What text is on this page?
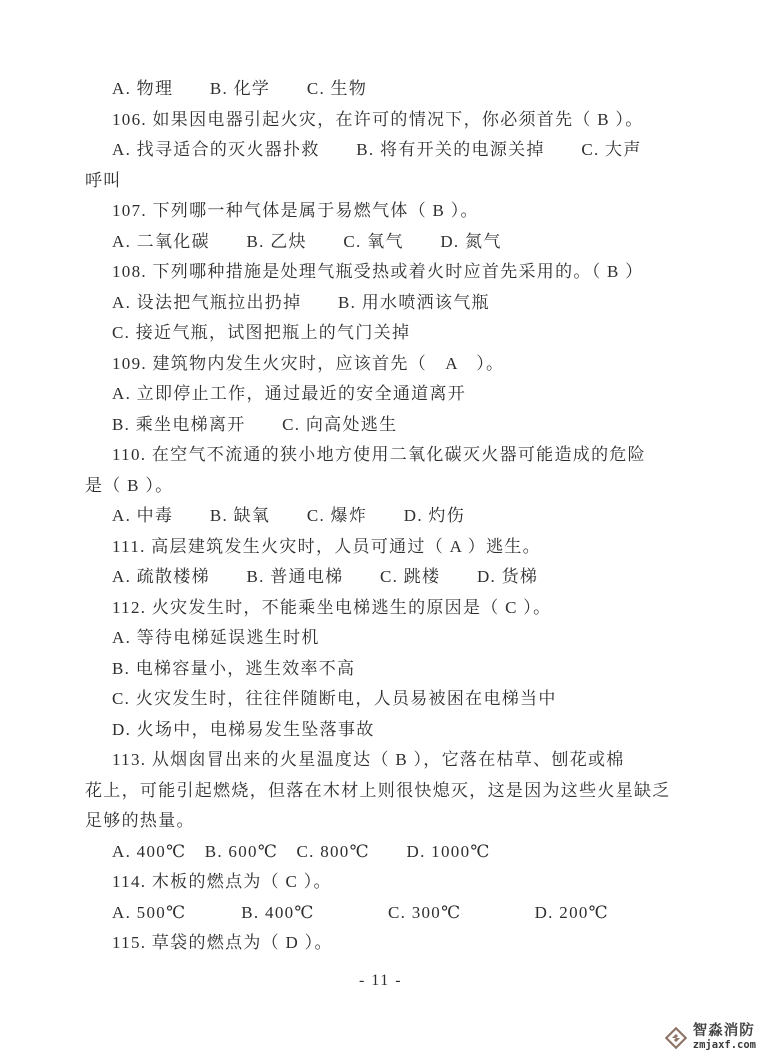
A. 物理　　B. 化学　　C. 生物
106. 如果因电器引起火灾，在许可的情况下，你必须首先（ B ）。
A. 找寻适合的灭火器扑救　　B. 将有开关的电源关掉　　C. 大声
呼叫
107. 下列哪一种气体是属于易燃气体（ B ）。
A. 二氧化碳　　B. 乙炔　　C. 氧气　　D. 氮气
108. 下列哪种措施是处理气瓶受热或着火时应首先采用的。（ B ）
A. 设法把气瓶拉出扔掉　　B. 用水喷洒该气瓶
C. 接近气瓶，试图把瓶上的气门关掉
109. 建筑物内发生火灾时，应该首先（　A　）。
A. 立即停止工作，通过最近的安全通道离开
B. 乘坐电梯离开　　C. 向高处逃生
110. 在空气不流通的狭小地方使用二氧化碳灭火器可能造成的危险
是（ B ）。
A. 中毒　　B. 缺氧　　C. 爆炸　　D. 灼伤
111. 高层建筑发生火灾时，人员可通过（ A ）逃生。
A. 疏散楼梯　　B. 普通电梯　　C. 跳楼　　D. 货梯
112. 火灾发生时，不能乘坐电梯逃生的原因是（ C ）。
A. 等待电梯延误逃生时机
B. 电梯容量小，逃生效率不高
C. 火灾发生时，往往伴随断电，人员易被困在电梯当中
D. 火场中，电梯易发生坠落事故
113. 从烟囱冒出来的火星温度达（ B ），它落在枯草、刨花或棉
花上，可能引起燃烧，但落在木材上则很快熄灭，这是因为这些火星缺乏
足够的热量。
A. 400℃　B. 600℃　C. 800℃　　D. 1000℃
114. 木板的燃点为（ C ）。
A. 500℃　　　B. 400℃　　　　C. 300℃　　　　D. 200℃
115. 草袋的燃点为（ D ）。
- 11 -
智淼消防
zmjaxf.com
